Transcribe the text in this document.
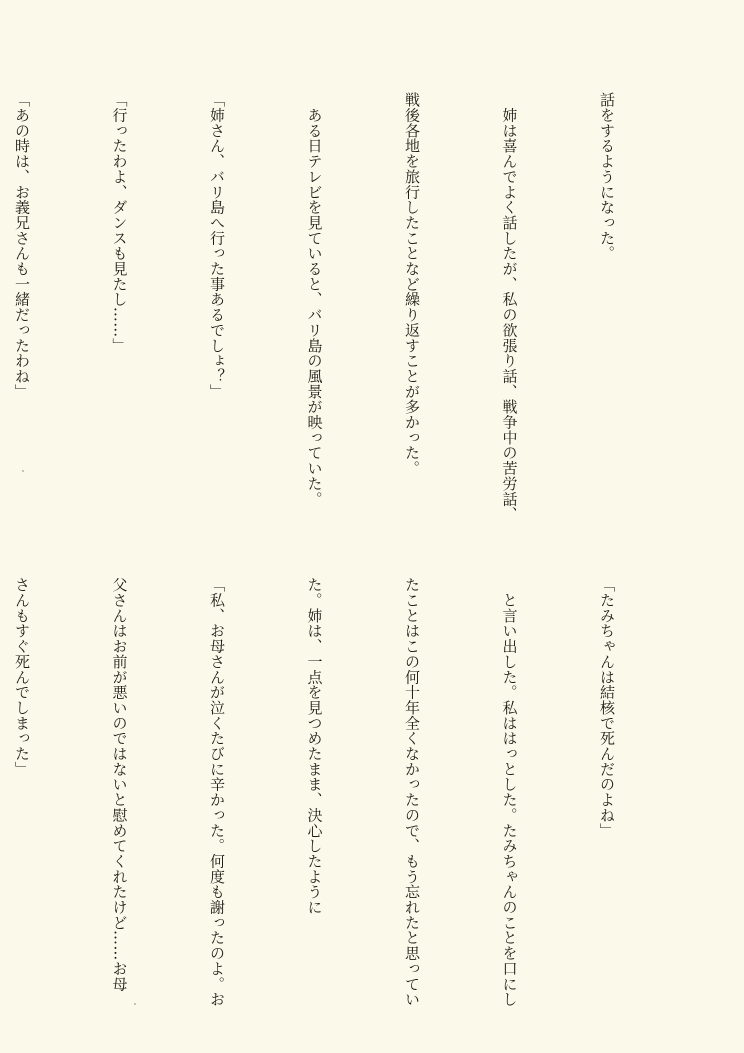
話をするようになった。

　姉は喜んでよく話したが、私の欲張り話、戦争中の苦労話、

戦後各地を旅行したことなど繰り返すことが多かった。

　ある日テレビを見ていると、バリ島の風景が映っていた。

「姉さん、バリ島へ行った事あるでしょ？」

「行ったわよ、ダンスも見たし……」

「あの時は、お義兄さんも一緒だったわね」

「たみちゃんは結核で死んだのよね」

　と言い出した。私ははっとした。たみちゃんのことを口にし

たことはこの何十年全くなかったので、もう忘れたと思ってい

た。姉は、一点を見つめたまま、決心したように

「私、お母さんが泣くたびに辛かった。何度も謝ったのよ。お

父さんはお前が悪いのではないと慰めてくれたけど……お母

さんもすぐ死んでしまった」
